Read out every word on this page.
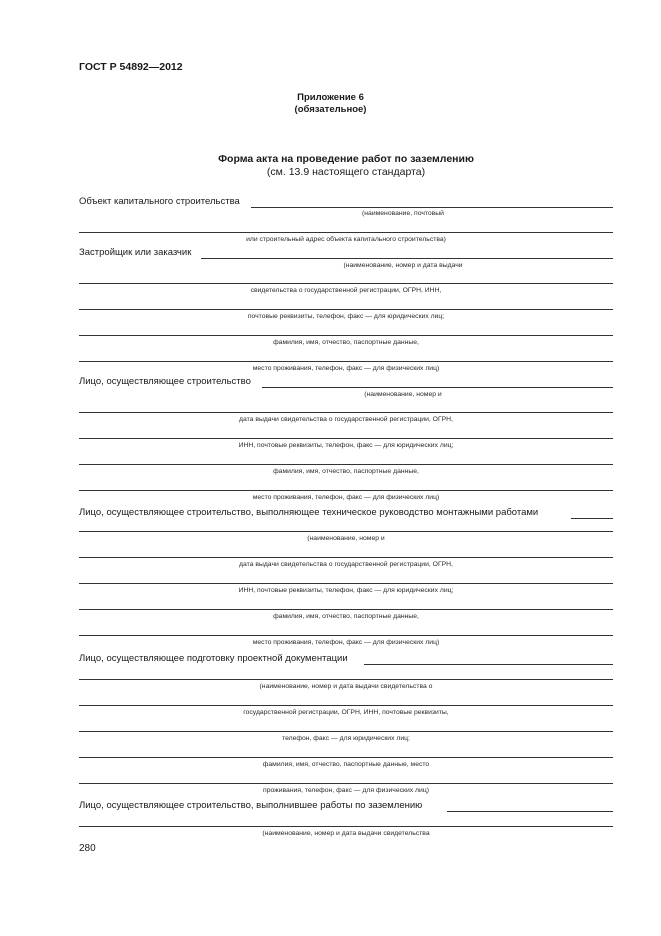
ГОСТ Р 54892—2012
Приложение 6
(обязательное)
Форма акта на проведение работ по заземлению
(см. 13.9 настоящего стандарта)
Объект капитального строительства
(наименование, почтовый
или строительный адрес объекта капитального строительства)
Застройщик или заказчик
(наименование, номер и дата выдачи
свидетельства о государственной регистрации, ОГРН, ИНН,
почтовые реквизиты, телефон, факс — для юридических лиц;
фамилия, имя, отчество, паспортные данные,
место проживания, телефон, факс — для физических лиц)
Лицо, осуществляющее строительство
(наименование, номер и
дата выдачи свидетельства о государственной регистрации, ОГРН,
ИНН, почтовые реквизиты, телефон, факс — для юридических лиц;
фамилия, имя, отчество, паспортные данные,
место проживания, телефон, факс — для физических лиц)
Лицо, осуществляющее строительство, выполняющее техническое руководство монтажными работами
(наименование, номер и
дата выдачи свидетельства о государственной регистрации, ОГРН,
ИНН, почтовые реквизиты, телефон, факс — для юридических лиц;
фамилия, имя, отчество, паспортные данные,
место проживания, телефон, факс — для физических лиц)
Лицо, осуществляющее подготовку проектной документации
(наименование, номер и дата выдачи свидетельства о
государственной регистрации, ОГРН, ИНН, почтовые реквизиты,
телефон, факс — для юридических лиц;
фамилия, имя, отчество, паспортные данные, место
проживания, телефон, факс — для физических лиц)
Лицо, осуществляющее строительство, выполнившее работы по заземлению
(наименование, номер и дата выдачи свидетельства
280
